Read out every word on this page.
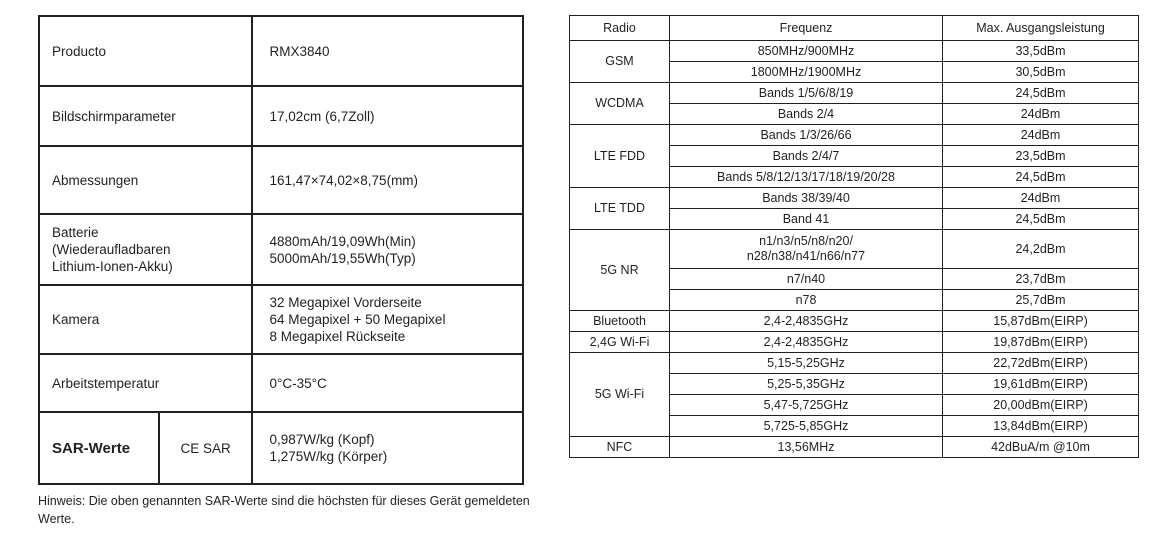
Producto		RMX3840

Bildschirmparameter		17,02cm (6,7Zoll)

Abmessungen		161,47×74,02×8,75(mm)

Batterie
(Wiederaufladbaren
Lithium-Ionen-Akku)		4880mAh/19,09Wh(Min)
5000mAh/19,55Wh(Typ)

Kamera		32 Megapixel Vorderseite
64 Megapixel + 50 Megapixel
8 Megapixel Rückseite

Arbeitstemperatur		0°C-35°C

SAR-Werte	CE SAR	0,987W/kg (Kopf)
1,275W/kg (Körper)
Hinweis: Die oben genannten SAR-Werte sind die höchsten für dieses Gerät gemeldeten Werte.
Radio	Frequenz	Max. Ausgangsleistung
GSM	850MHz/900MHz	33,5dBm
	1800MHz/1900MHz	30,5dBm
WCDMA	Bands 1/5/6/8/19	24,5dBm
	Bands 2/4	24dBm
LTE FDD	Bands 1/3/26/66	24dBm
	Bands 2/4/7	23,5dBm
	Bands 5/8/12/13/17/18/19/20/28	24,5dBm
LTE TDD	Bands 38/39/40	24dBm
	Band 41	24,5dBm
5G NR	n1/n3/n5/n8/n20/
n28/n38/n41/n66/n77	24,2dBm
	n7/n40	23,7dBm
	n78	25,7dBm
Bluetooth	2,4-2,4835GHz	15,87dBm(EIRP)
2,4G Wi-Fi	2,4-2,4835GHz	19,87dBm(EIRP)
5G Wi-Fi	5,15-5,25GHz	22,72dBm(EIRP)
	5,25-5,35GHz	19,61dBm(EIRP)
	5,47-5,725GHz	20,00dBm(EIRP)
	5,725-5,85GHz	13,84dBm(EIRP)
NFC	13,56MHz	42dBuA/m @10m
